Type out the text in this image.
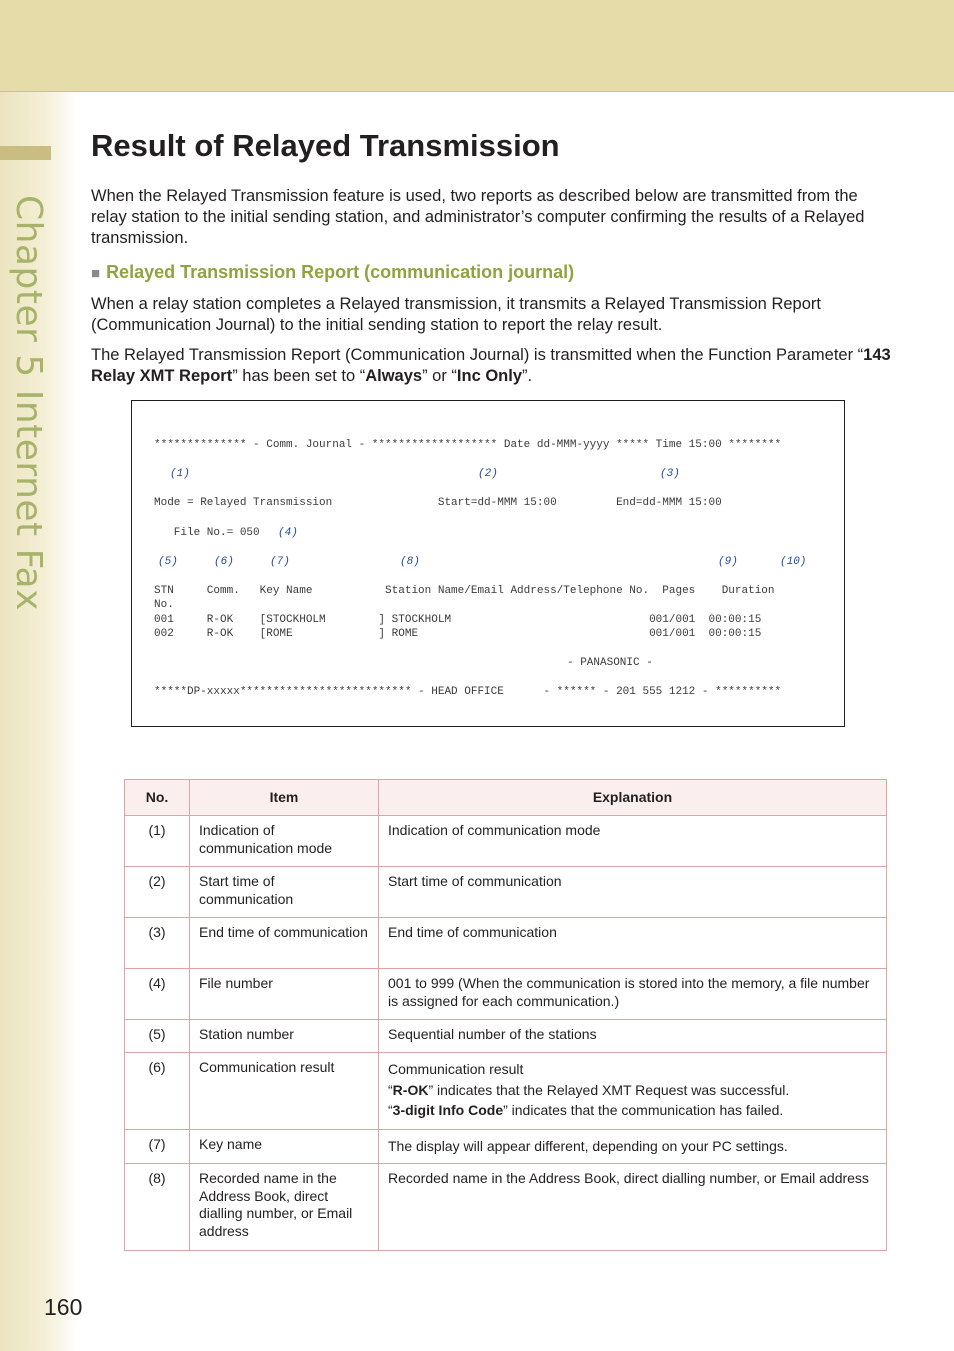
Chapter 5 Internet Fax
Result of Relayed Transmission

When the Relayed Transmission feature is used, two reports as described below are transmitted from the relay station to the initial sending station, and administrator’s computer confirming the results of a Relayed transmission.

■ Relayed Transmission Report (communication journal)

When a relay station completes a Relayed transmission, it transmits a Relayed Transmission Report (Communication Journal) to the initial sending station to report the relay result.

The Relayed Transmission Report (Communication Journal) is transmitted when the Function Parameter “143 Relay XMT Report” has been set to “Always” or “Inc Only”.

************** - Comm. Journal - ******************* Date dd-MMM-yyyy ***** Time 15:00 ********
(1)	(2)	(3)
Mode = Relayed Transmission                Start=dd-MMM 15:00         End=dd-MMM 15:00
File No.= 050 (4)
(5)	(6)	(7)	(8)	(9)	(10)
STN     Comm.   Key Name           Station Name/Email Address/Telephone No.  Pages    Duration
No.
001     R-OK    [STOCKHOLM        ] STOCKHOLM                              001/001  00:00:15
002     R-OK    [ROME             ] ROME                                   001/001  00:00:15
- PANASONIC -
*****DP-xxxxx************************** - HEAD OFFICE      - ****** - 201 555 1212 - **********
No.	Item	Explanation
(1)	Indication of communication mode	Indication of communication mode
(2)	Start time of communication	Start time of communication
(3)	End time of communication	End time of communication
(4)	File number	001 to 999 (When the communication is stored into the memory, a file number is assigned for each communication.)
(5)	Station number	Sequential number of the stations
(6)	Communication result	Communication result
“R-OK” indicates that the Relayed XMT Request was successful.
“3-digit Info Code” indicates that the communication has failed.

(7)	Key name	The display will appear different, depending on your PC settings.
(8)	Recorded name in the Address Book, direct dialling number, or Email address	Recorded name in the Address Book, direct dialling number, or Email address
160
